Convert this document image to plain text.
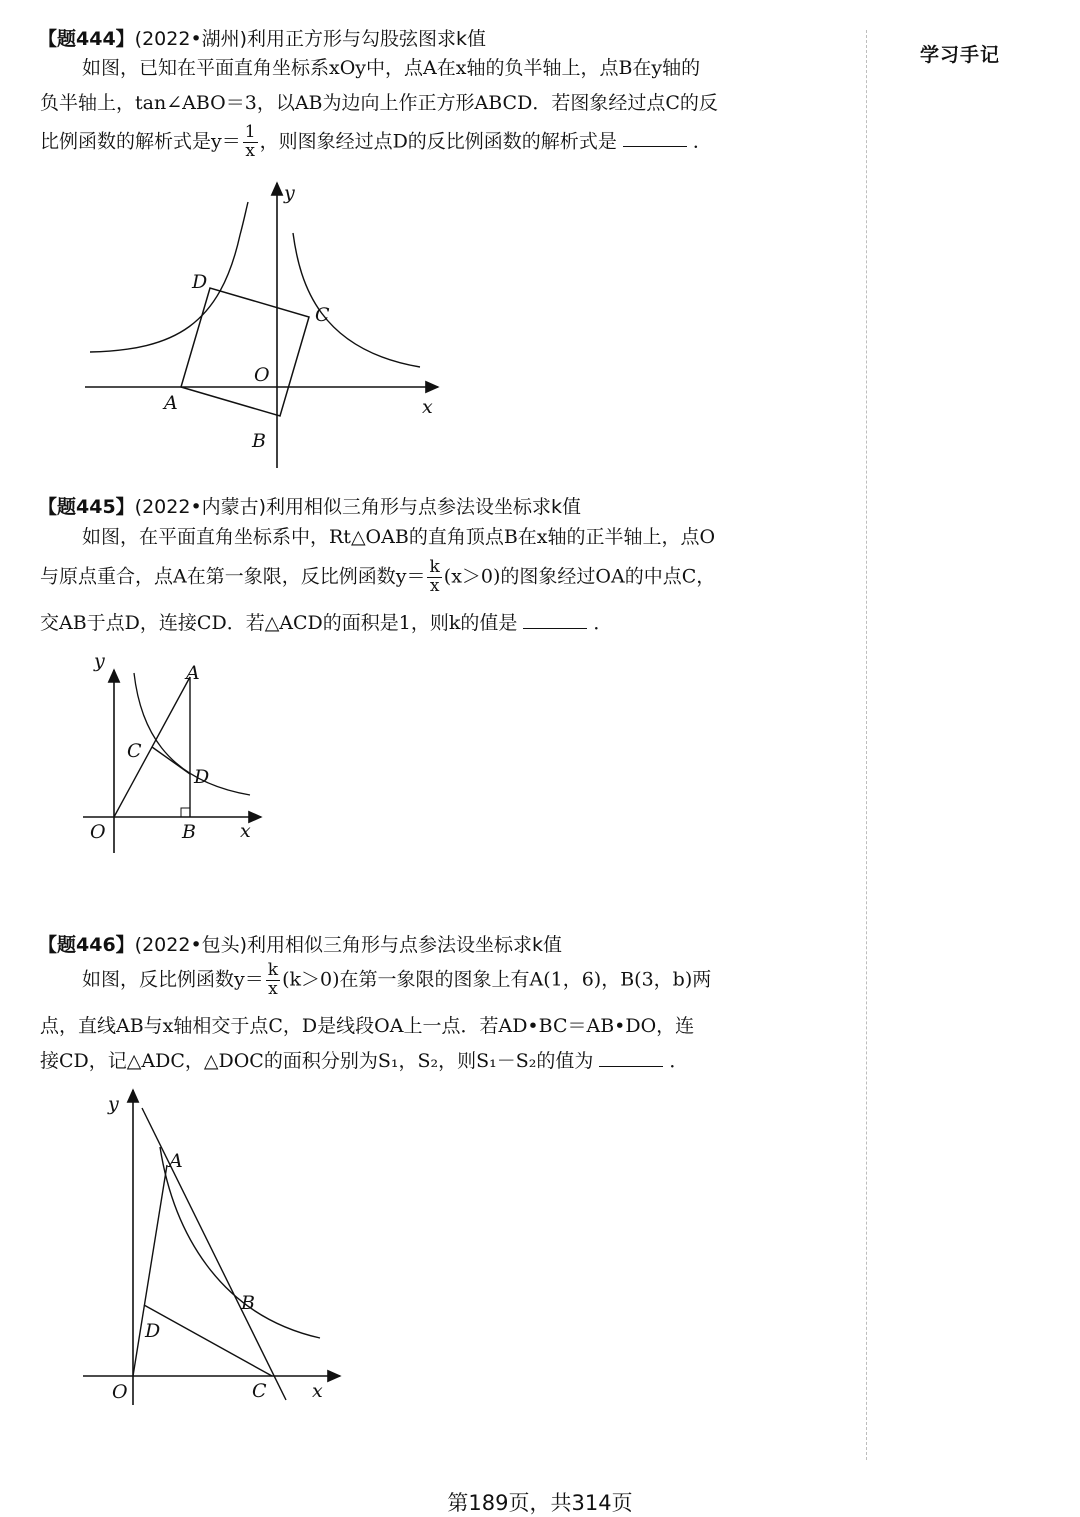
学习手记
【题444】(2022•湖州)利用正方形与勾股弦图求k值
如图，已知在平面直角坐标系xOy中，点A在x轴的负半轴上，点B在y轴的
负半轴上，tan∠ABO＝3，以AB为边向上作正方形ABCD．若图象经过点C的反
比例函数的解析式是$y= \frac{1}{x}$ ，则图象经过点D的反比例函数的解析式是	．
y
x
D
C
O
A
B
【题445】(2022•内蒙古)利用相似三角形与点参法设坐标求k值
如图，在平面直角坐标系中，Rt△OAB的直角顶点B在x轴的正半轴上，点O
与原点重合，点A在第一象限，反比例函数$y= \frac{k}{x} (x>0)$的图象经过OA的中点C，
交AB于点D，连接CD．若△ACD的面积是1，则k的值是	．
y
A
C
D
O	B x
【题446】(2022•包头)利用相似三角形与点参法设坐标求k值
如图，反比例函数$y= \frac{k}{x} (k>0)$在第一象限的图象上有A(1，6)，B(3，b)两
点，直线AB与x轴相交于点C，D是线段OA上一点．若AD•BC＝AB•DO，连
接CD，记△ADC，△DOC的面积分别为S₁，S₂，则S₁－S₂的值为	．
y
A
B
D
O	C x
第189页，共314页
